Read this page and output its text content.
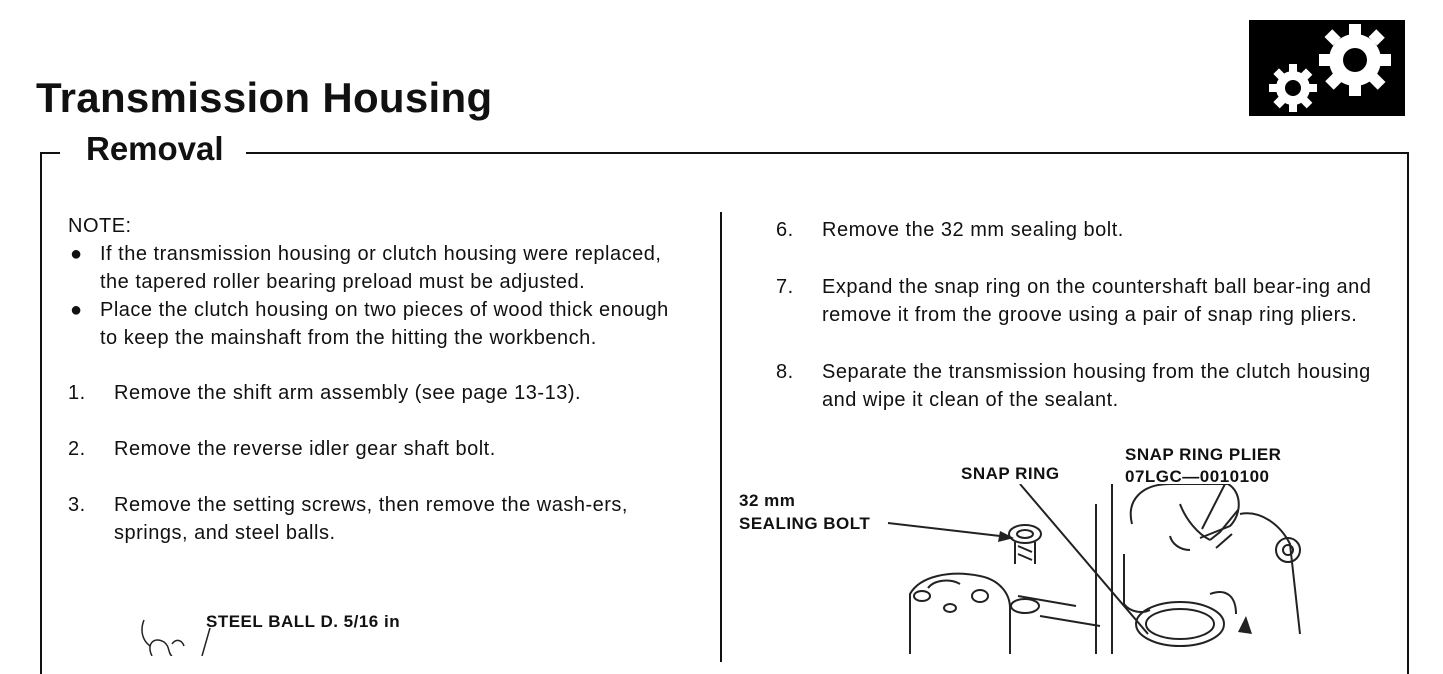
Transmission Housing
Removal

NOTE:

● If the transmission housing or clutch housing were replaced, the tapered roller bearing preload must be adjusted.
● Place the clutch housing on two pieces of wood thick enough to keep the mainshaft from the hitting the workbench.
1.	Remove the shift arm assembly (see page 13-13).
2.	Remove the reverse idler gear shaft bolt.
3.	Remove the setting screws, then remove the wash-ers, springs, and steel balls.
6.	Remove the 32 mm sealing bolt.
7.	Expand the snap ring on the countershaft ball bear-ing and remove it from the groove using a pair of snap ring pliers.
8.	Separate the transmission housing from the clutch housing and wipe it clean of the sealant.
STEEL BALL D. 5/16 in
SNAP RING
SNAP RING PLIER
07LGC—0010100
32 mm
SEALING BOLT
